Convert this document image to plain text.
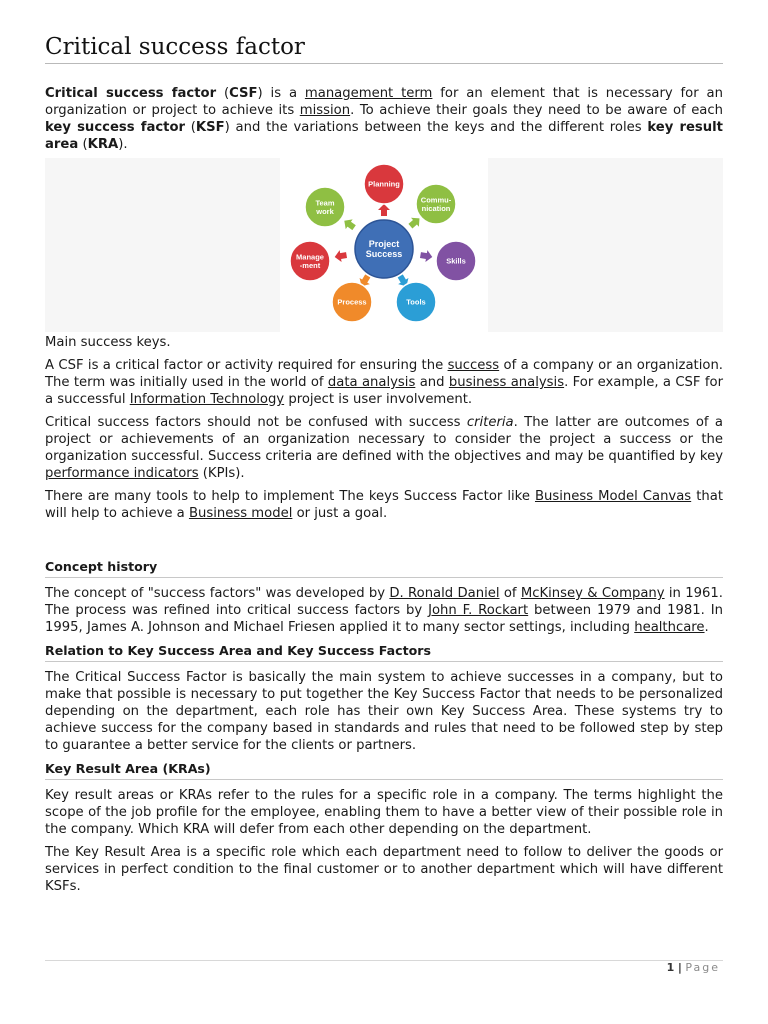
Critical success factor

Critical success factor (CSF) is a management term for an element that is necessary for an organization or project to achieve its mission. To achieve their goals they need to be aware of each key success factor (KSF) and the variations between the keys and the different roles key result area (KRA).

Project Success
Planning
Commu-nication
Skills
Tools
Process
Manage -ment
Team work

Main success keys.

A CSF is a critical factor or activity required for ensuring the success of a company or an organization. The term was initially used in the world of data analysis and business analysis. For example, a CSF for a successful Information Technology project is user involvement.

Critical success factors should not be confused with success criteria. The latter are outcomes of a project or achievements of an organization necessary to consider the project a success or the organization successful. Success criteria are defined with the objectives and may be quantified by key performance indicators (KPIs).

There are many tools to help to implement The keys Success Factor like Business Model Canvas that will help to achieve a Business model or just a goal.

Concept history

The concept of "success factors" was developed by D. Ronald Daniel of McKinsey & Company in 1961. The process was refined into critical success factors by John F. Rockart between 1979 and 1981. In 1995, James A. Johnson and Michael Friesen applied it to many sector settings, including healthcare.

Relation to Key Success Area and Key Success Factors

The Critical Success Factor is basically the main system to achieve successes in a company, but to make that possible is necessary to put together the Key Success Factor that needs to be personalized depending on the department, each role has their own Key Success Area. These systems try to achieve success for the company based in standards and rules that need to be followed step by step to guarantee a better service for the clients or partners.

Key Result Area (KRAs)

Key result areas or KRAs refer to the rules for a specific role in a company. The terms highlight the scope of the job profile for the employee, enabling them to have a better view of their possible role in the company. Which KRA will defer from each other depending on the department.

The Key Result Area is a specific role which each department need to follow to deliver the goods or services in perfect condition to the final customer or to another department which will have different KSFs.

1 | Page
